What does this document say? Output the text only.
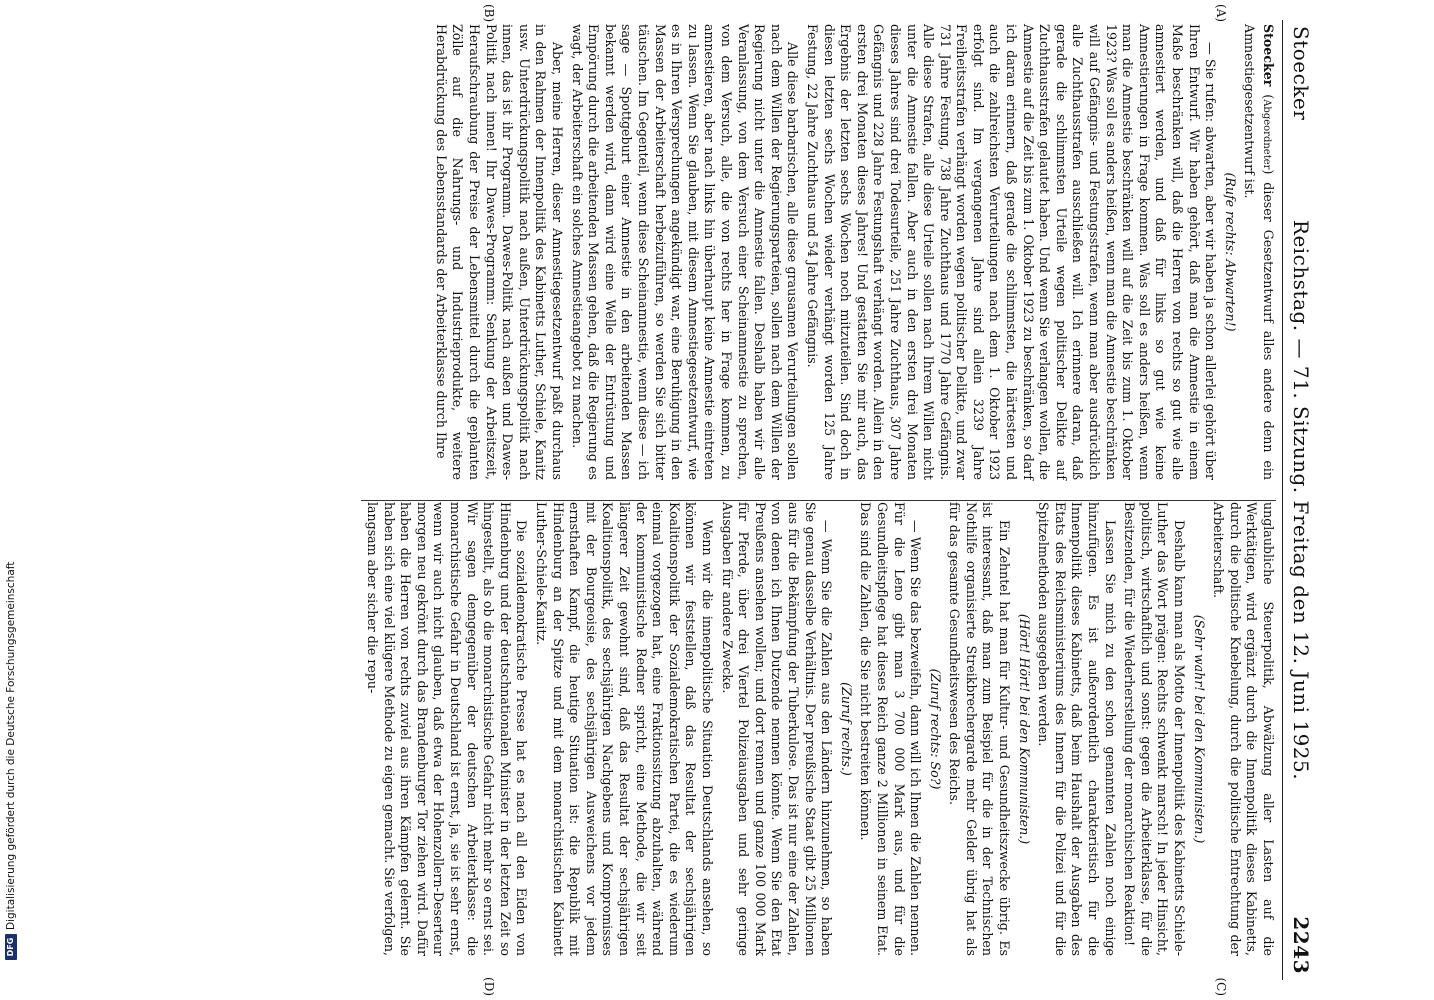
Stoecker
Reichstag. — 71. Sitzung. Freitag den 12. Juni 1925.
2243
(A)
(B)
(C)
(D)

Stoecker (Abgeordneter) dieser Gesetzentwurf alles andere denn ein Amnestiegesetzentwurf ist.

(Rufe rechts: Abwarten!)

— Sie rufen: abwarten, aber wir haben ja schon allerlei gehört über Ihren Entwurf. Wir haben gehört, daß man die Amnestie in einem Maße beschränken will, daß die Herren von rechts so gut wie alle amnestiert werden, und daß für links so gut wie keine Amnestierungen in Frage kommen. Was soll es anders heißen, wenn man die Amnestie beschränken will auf die Zeit bis zum 1. Oktober 1923? Was soll es anders heißen, wenn man die Amnestie beschränken will auf Gefängnis- und Festungsstrafen, wenn man aber ausdrücklich alle Zuchthausstrafen ausschließen will. Ich erinnere daran, daß gerade die schlimmsten Urteile wegen politischer Delikte auf Zuchthausstrafen gelautet haben. Und wenn Sie verlangen wollen, die Amnestie auf die Zeit bis zum 1. Oktober 1923 zu beschränken, so darf ich daran erinnern, daß gerade die schlimmsten, die härtesten und auch die zahlreichsten Verurteilungen nach dem 1. Oktober 1923 erfolgt sind. Im vergangenen Jahre sind allein 3239 Jahre Freiheitsstrafen verhängt worden wegen politischer Delikte, und zwar 731 Jahre Festung, 738 Jahre Zuchthaus und 1770 Jahre Gefängnis. Alle diese Strafen, alle diese Urteile sollen nach Ihrem Willen nicht unter die Amnestie fallen. Aber auch in den ersten drei Monaten dieses Jahres sind drei Todesurteile, 251 Jahre Zuchthaus, 307 Jahre Gefängnis und 228 Jahre Festungshaft verhängt worden. Allein in den ersten drei Monaten dieses Jahres! Und gestatten Sie mir auch, das Ergebnis der letzten sechs Wochen noch mitzuteilen. Sind doch in diesen letzten sechs Wochen wieder verhängt worden 125 Jahre Festung, 22 Jahre Zuchthaus und 54 Jahre Gefängnis.

Alle diese barbarischen, alle diese grausamen Verurteilungen sollen nach dem Willen der Regierungsparteien, sollen nach dem Willen der Regierung nicht unter die Amnestie fallen. Deshalb haben wir alle Veranlassung, von dem Versuch einer Scheinamnestie zu sprechen, von dem Versuch, alle, die von rechts her in Frage kommen, zu amnestieren, aber nach links hin überhaupt keine Amnestie eintreten zu lassen. Wenn Sie glauben, mit diesem Amnestiegesetzentwurf, wie es in Ihren Versprechungen angekündigt war, eine Beruhigung in den Massen der Arbeiterschaft herbeizuführen, so werden Sie sich bitter täuschen. Im Gegenteil, wenn diese Scheinamnestie, wenn diese — ich sage — Spottgeburt einer Amnestie in den arbeitenden Massen bekannt werden wird, dann wird eine Welle der Entrüstung und Empörung durch die arbeitenden Massen gehen, daß die Regierung es wagt, der Arbeiterschaft ein solches Amnestieangebot zu machen.

Aber, meine Herren, dieser Amnestiegesetzentwurf paßt durchaus in den Rahmen der Innenpolitik des Kabinetts Luther, Schiele, Kanitz usw. Unterdrückungspolitik nach außen, Unterdrückungspolitik nach innen, das ist ihr Programm. Dawes-Politik nach außen und Dawes-Politik nach innen! Ihr Dawes-Programm: Senkung der Arbeitszeit, Heraufschraubung der Preise der Lebensmittel durch die geplanten Zölle auf die Nahrungs- und Industrieprodukte, weitere Herabdrückung des Lebensstandards der Arbeiterklasse durch Ihre

unglaubliche Steuerpolitik, Abwälzung aller Lasten auf die Werktätigen, wird ergänzt durch die Innenpolitik dieses Kabinetts, durch die politische Knebelung, durch die politische Entrechtung der Arbeiterschaft.

(Sehr wahr! bei den Kommunisten.)

Deshalb kann man als Motto der Innenpolitik des Kabinetts Schiele-Luther das Wort prägen: Rechts schwenkt marsch! In jeder Hinsicht, politisch, wirtschaftlich und sonst: gegen die Arbeiterklasse, für die Besitzenden, für die Wiederherstellung der monarchischen Reaktion!

Lassen Sie mich zu den schon genannten Zahlen noch einige hinzufügen. Es ist außerordentlich charakteristisch für die Innenpolitik dieses Kabinetts, daß beim Haushalt der Ausgaben des Etats des Reichsministeriums des Innern für die Polizei und für die Spitzelmethoden ausgegeben werden.

(Hört! Hört! bei den Kommunisten.)

Ein Zehntel hat man für Kultur- und Gesundheitszwecke übrig. Es ist interessant, daß man zum Beispiel für die in der Technischen Nothilfe organisierte Streikbrechergarde mehr Gelder übrig hat als für das gesamte Gesundheitswesen des Reichs.

(Zuruf rechts: So?)

— Wenn Sie das bezweifeln, dann will ich Ihnen die Zahlen nennen. Für die Leno gibt man 3 700 000 Mark aus, und für die Gesundheitspflege hat dieses Reich ganze 2 Millionen in seinem Etat. Das sind die Zahlen, die Sie nicht bestreiten können.

(Zuruf rechts.)

— Wenn Sie die Zahlen aus den Ländern hinzunehmen, so haben Sie genau dasselbe Verhältnis. Der preußische Staat gibt 25 Millionen aus für die Bekämpfung der Tuberkulose. Das ist nur eine der Zahlen, von denen ich Ihnen Dutzende nennen könnte. Wenn Sie den Etat Preußens ansehen wollen; und dort rennen und ganze 100 000 Mark für Pferde, über drei Viertel Polizeiausgaben und sehr geringe Ausgaben für andere Zwecke.

Wenn wir die innenpolitische Situation Deutschlands ansehen, so können wir feststellen, daß das Resultat der sechsjährigen Koalitionspolitik der Sozialdemokratischen Partei, die es wiederum einmal vorgezogen hat, eine Fraktionssitzung abzuhalten, während der kommunistische Redner spricht, eine Methode, die wir seit längerer Zeit gewohnt sind, daß das Resultat der sechsjährigen Koalitionspolitik, des sechsjährigen Nachgebens und Kompromisses mit der Bourgeoisie, des sechsjährigen Ausweichens vor jedem ernsthaften Kampf, die heutige Situation ist: die Republik mit Hindenburg an der Spitze und mit dem monarchistischen Kabinett Luther-Schiele-Kanitz.

Die sozialdemokratische Presse hat es nach all den Eiden von Hindenburg und der deutschnationalen Minister in der letzten Zeit so hingestellt, als ob die monarchistische Gefahr nicht mehr so ernst sei. Wir sagen demgegenüber der deutschen Arbeiterklasse: die monarchistische Gefahr in Deutschland ist ernst, ja, sie ist sehr ernst, wenn wir auch nicht glauben, daß etwa der Hohenzollern-Deserteur morgen neu gekrönt durch das Brandenburger Tor ziehen wird. Dafür haben die Herren von rechts zuviel aus ihren Kämpfen gelernt. Sie haben sich eine viel klügere Methode zu eigen gemacht. Sie verfolgen, langsam aber sicher die repu-

DFG
Digitalisierung gefördert durch die Deutsche Forschungsgemeinschaft
